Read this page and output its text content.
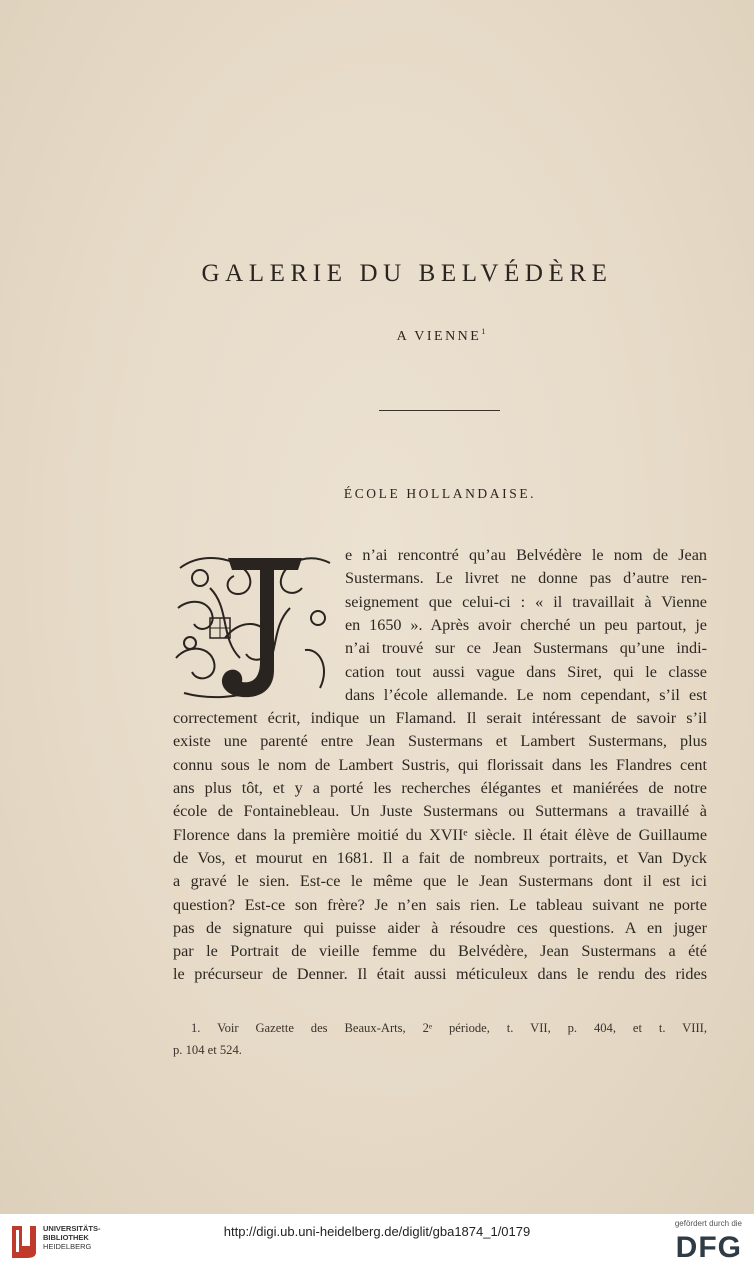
GALERIE DU BELVÉDÈRE
A VIENNE$^1$
ÉCOLE HOLLANDAISE.
e n’ai rencontré qu’au Belvédère le nom de Jean
Sustermans. Le livret ne donne pas d’autre ren-
seignement que celui-ci : « il travaillait à Vienne
en 1650 ». Après avoir cherché un peu partout, je
n’ai trouvé sur ce Jean Sustermans qu’une indi-
cation tout aussi vague dans Siret, qui le classe
dans l’école allemande. Le nom cependant, s’il est
correctement écrit, indique un Flamand. Il serait intéressant de savoir s’il
existe une parenté entre Jean Sustermans et Lambert Sustermans, plus
connu sous le nom de Lambert Sustris, qui florissait dans les Flandres cent
ans plus tôt, et y a porté les recherches élégantes et maniérées de notre
école de Fontainebleau. Un Juste Sustermans ou Suttermans a travaillé à
Florence dans la première moitié du XVIIᵉ siècle. Il était élève de Guillaume
de Vos, et mourut en 1681. Il a fait de nombreux portraits, et Van Dyck
a gravé le sien. Est-ce le même que le Jean Sustermans dont il est ici
question? Est-ce son frère? Je n’en sais rien. Le tableau suivant ne porte
pas de signature qui puisse aider à résoudre ces questions. A en juger
par le Portrait de vieille femme du Belvédère, Jean Sustermans a été
le précurseur de Denner. Il était aussi méticuleux dans le rendu des rides
1. Voir Gazette des Beaux-Arts, 2ᵉ période, t. VII, p. 404, et t. VIII,
p. 104 et 524.
UNIVERSITÄTS-
BIBLIOTHEK
HEIDELBERG
http://digi.ub.uni-heidelberg.de/diglit/gba1874_1/0179
gefördert durch die
DFG
